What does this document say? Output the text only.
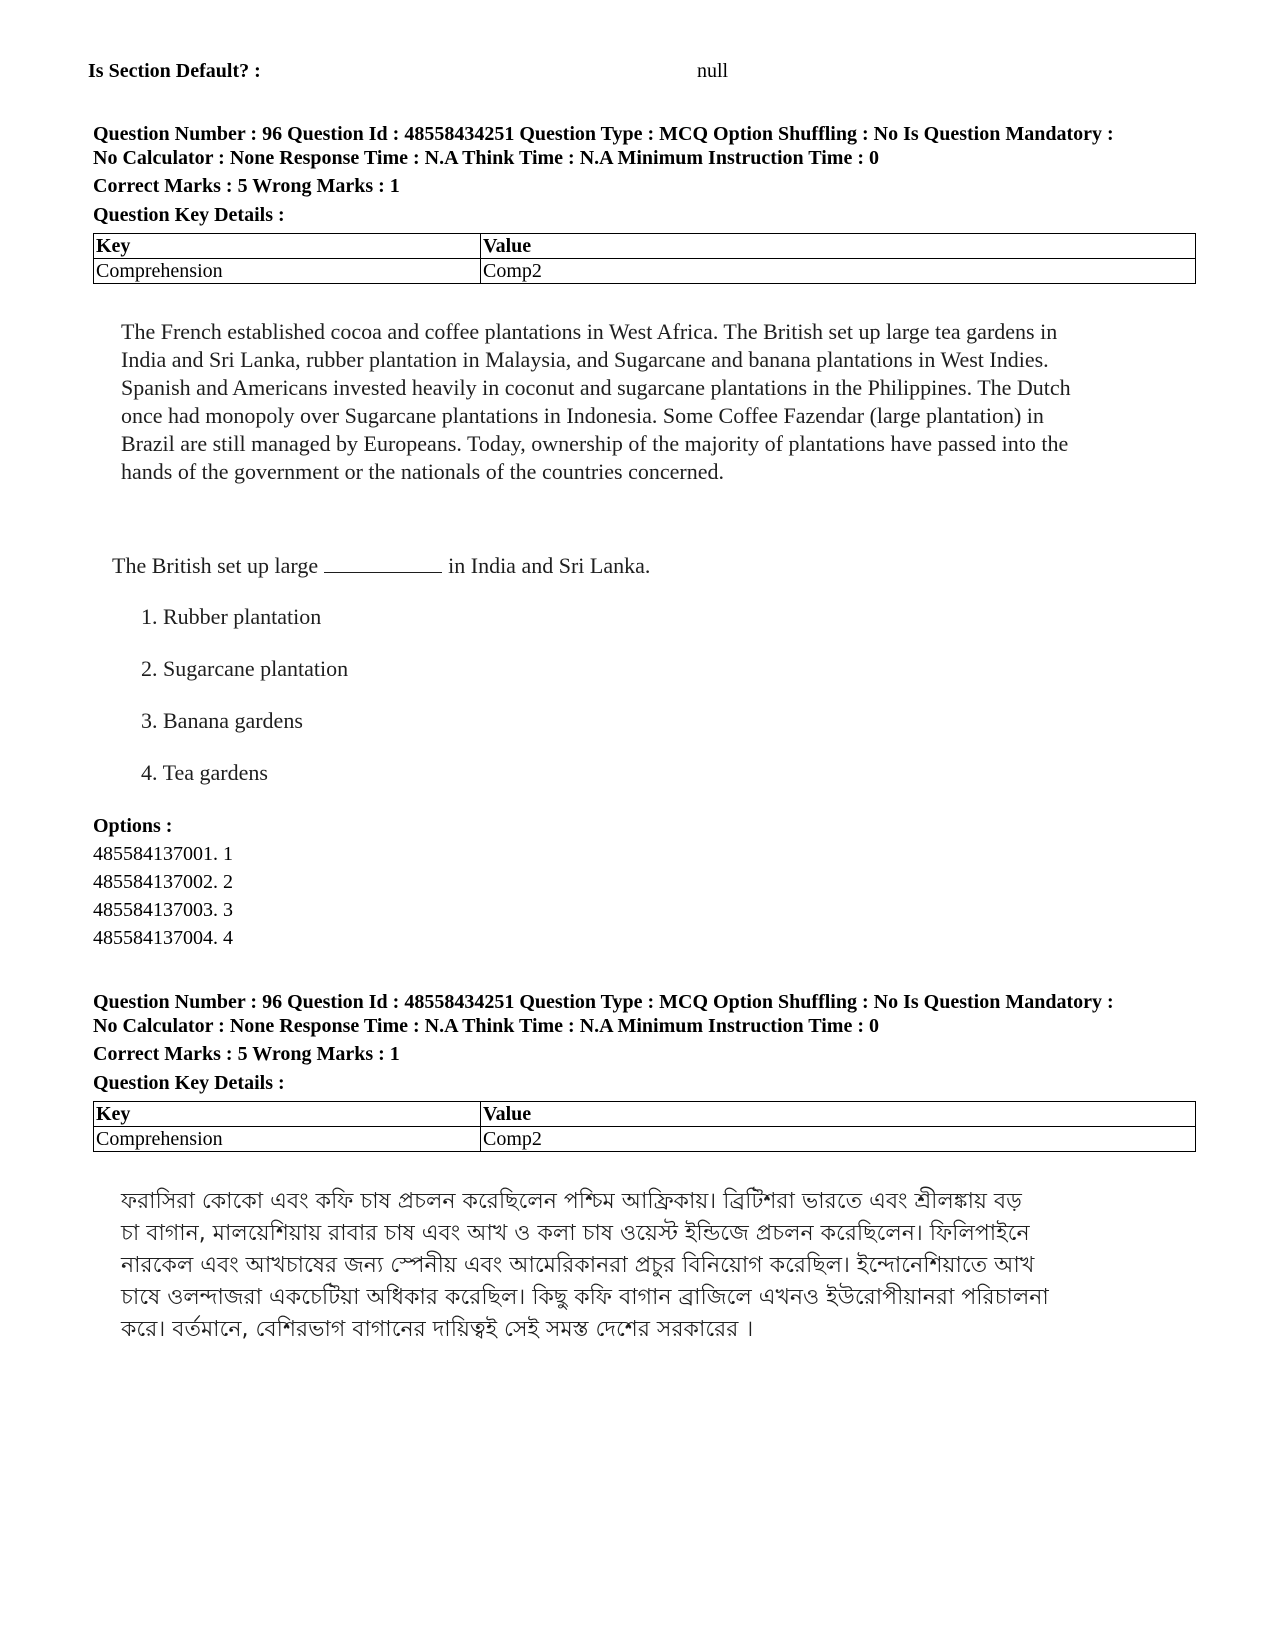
Is Section Default? :	null
Question Number : 96 Question Id : 48558434251 Question Type : MCQ Option Shuffling : No Is Question Mandatory :
No Calculator : None Response Time : N.A Think Time : N.A Minimum Instruction Time : 0
Correct Marks : 5 Wrong Marks : 1
Question Key Details :
Key	Value
Comprehension	Comp2
The French established cocoa and coffee plantations in West Africa. The British set up large tea gardens in
India and Sri Lanka, rubber plantation in Malaysia, and Sugarcane and banana plantations in West Indies.
Spanish and Americans invested heavily in coconut and sugarcane plantations in the Philippines. The Dutch
once had monopoly over Sugarcane plantations in Indonesia. Some Coffee Fazendar (large plantation) in
Brazil are still managed by Europeans. Today, ownership of the majority of plantations have passed into the
hands of the government or the nationals of the countries concerned.
The British set up large	in India and Sri Lanka.
1. Rubber plantation
2. Sugarcane plantation
3. Banana gardens
4. Tea gardens
Options :
485584137001. 1
485584137002. 2
485584137003. 3
485584137004. 4
Question Number : 96 Question Id : 48558434251 Question Type : MCQ Option Shuffling : No Is Question Mandatory :
No Calculator : None Response Time : N.A Think Time : N.A Minimum Instruction Time : 0
Correct Marks : 5 Wrong Marks : 1
Question Key Details :
Key	Value
Comprehension	Comp2
ফরাসিরা কোকো এবং কফি চাষ প্রচলন করেছিলেন পশ্চিম আফ্রিকায়। ব্রিটিশরা ভারতে এবং শ্রীলঙ্কায় বড়
চা বাগান, মালয়েশিয়ায় রাবার চাষ এবং আখ ও কলা চাষ ওয়েস্ট ইন্ডিজে প্রচলন করেছিলেন। ফিলিপাইনে
নারকেল এবং আখচাষের জন্য স্পেনীয় এবং আমেরিকানরা প্রচুর বিনিয়োগ করেছিল। ইন্দোনেশিয়াতে আখ
চাষে ওলন্দাজরা একচেটিয়া অধিকার করেছিল। কিছু কফি বাগান ব্রাজিলে এখনও ইউরোপীয়ানরা পরিচালনা
করে। বর্তমানে, বেশিরভাগ বাগানের দায়িত্বই সেই সমস্ত দেশের সরকারের ।
